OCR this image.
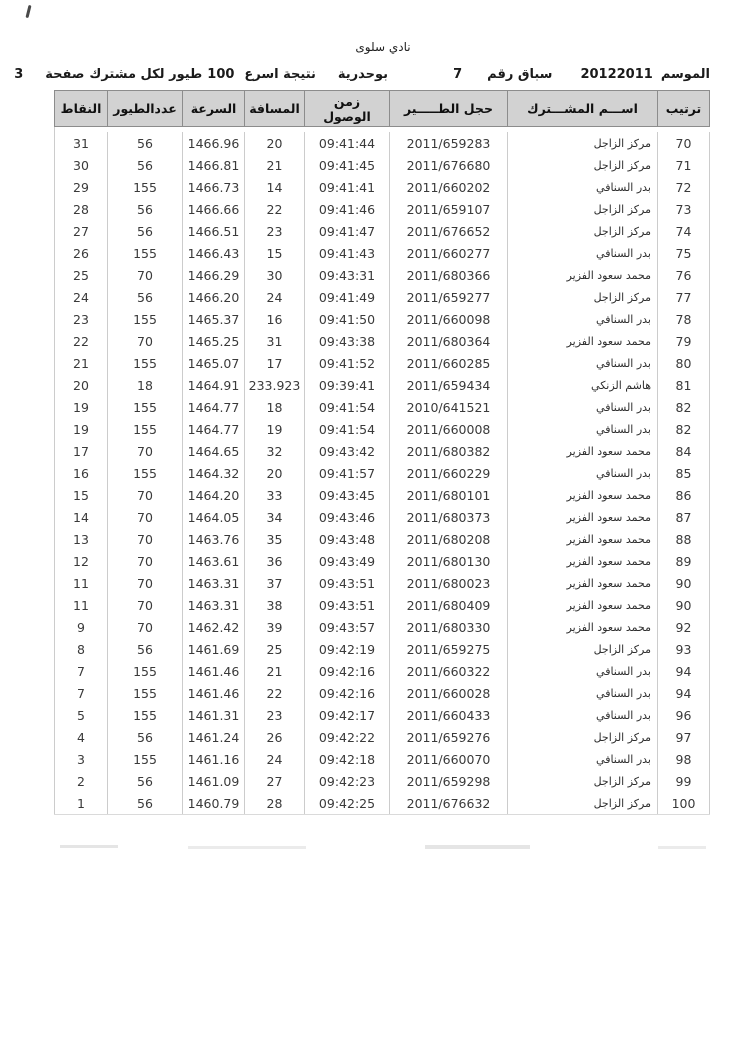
نادي سلوى
الموسم
20122011
سباق رقم
7
بوحدرية
نتيجة اسرع
100
طيور لكل مشترك
صفحة
3
ترتيب	اســـم المشـــترك	حجل الطـــــير	زمن الوصول	المسافة	السرعة	عددالطيور	النقاط

70	مركز الزاجل	2011/659283	09:41:44	20	1466.96	56	31
71	مركز الزاجل	2011/676680	09:41:45	21	1466.81	56	30
72	بدر السنافي	2011/660202	09:41:41	14	1466.73	155	29
73	مركز الزاجل	2011/659107	09:41:46	22	1466.66	56	28
74	مركز الزاجل	2011/676652	09:41:47	23	1466.51	56	27
75	بدر السنافي	2011/660277	09:41:43	15	1466.43	155	26
76	محمد سعود الفزير	2011/680366	09:43:31	30	1466.29	70	25
77	مركز الزاجل	2011/659277	09:41:49	24	1466.20	56	24
78	بدر السنافي	2011/660098	09:41:50	16	1465.37	155	23
79	محمد سعود الفزير	2011/680364	09:43:38	31	1465.25	70	22
80	بدر السنافي	2011/660285	09:41:52	17	1465.07	155	21
81	هاشم الزنكي	2011/659434	09:39:41	233.923	1464.91	18	20
82	بدر السنافي	2010/641521	09:41:54	18	1464.77	155	19
82	بدر السنافي	2011/660008	09:41:54	19	1464.77	155	19
84	محمد سعود الفزير	2011/680382	09:43:42	32	1464.65	70	17
85	بدر السنافي	2011/660229	09:41:57	20	1464.32	155	16
86	محمد سعود الفزير	2011/680101	09:43:45	33	1464.20	70	15
87	محمد سعود الفزير	2011/680373	09:43:46	34	1464.05	70	14
88	محمد سعود الفزير	2011/680208	09:43:48	35	1463.76	70	13
89	محمد سعود الفزير	2011/680130	09:43:49	36	1463.61	70	12
90	محمد سعود الفزير	2011/680023	09:43:51	37	1463.31	70	11
90	محمد سعود الفزير	2011/680409	09:43:51	38	1463.31	70	11
92	محمد سعود الفزير	2011/680330	09:43:57	39	1462.42	70	9
93	مركز الزاجل	2011/659275	09:42:19	25	1461.69	56	8
94	بدر السنافي	2011/660322	09:42:16	21	1461.46	155	7
94	بدر السنافي	2011/660028	09:42:16	22	1461.46	155	7
96	بدر السنافي	2011/660433	09:42:17	23	1461.31	155	5
97	مركز الزاجل	2011/659276	09:42:22	26	1461.24	56	4
98	بدر السنافي	2011/660070	09:42:18	24	1461.16	155	3
99	مركز الزاجل	2011/659298	09:42:23	27	1461.09	56	2
100	مركز الزاجل	2011/676632	09:42:25	28	1460.79	56	1
